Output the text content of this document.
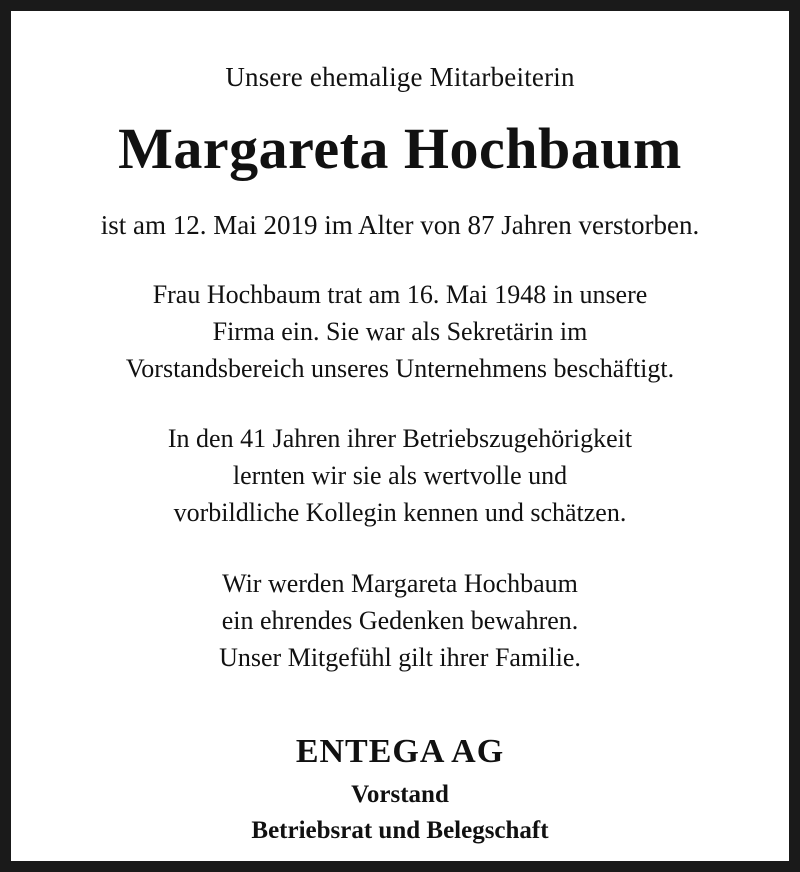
Unsere ehemalige Mitarbeiterin

Margareta Hochbaum

ist am 12. Mai 2019 im Alter von 87 Jahren verstorben.

Frau Hochbaum trat am 16. Mai 1948 in unsere
Firma ein. Sie war als Sekretärin im
Vorstandsbereich unseres Unternehmens beschäftigt.

In den 41 Jahren ihrer Betriebszugehörigkeit
lernten wir sie als wertvolle und
vorbildliche Kollegin kennen und schätzen.

Wir werden Margareta Hochbaum
ein ehrendes Gedenken bewahren.
Unser Mitgefühl gilt ihrer Familie.

ENTEGA AG

Vorstand

Betriebsrat und Belegschaft
